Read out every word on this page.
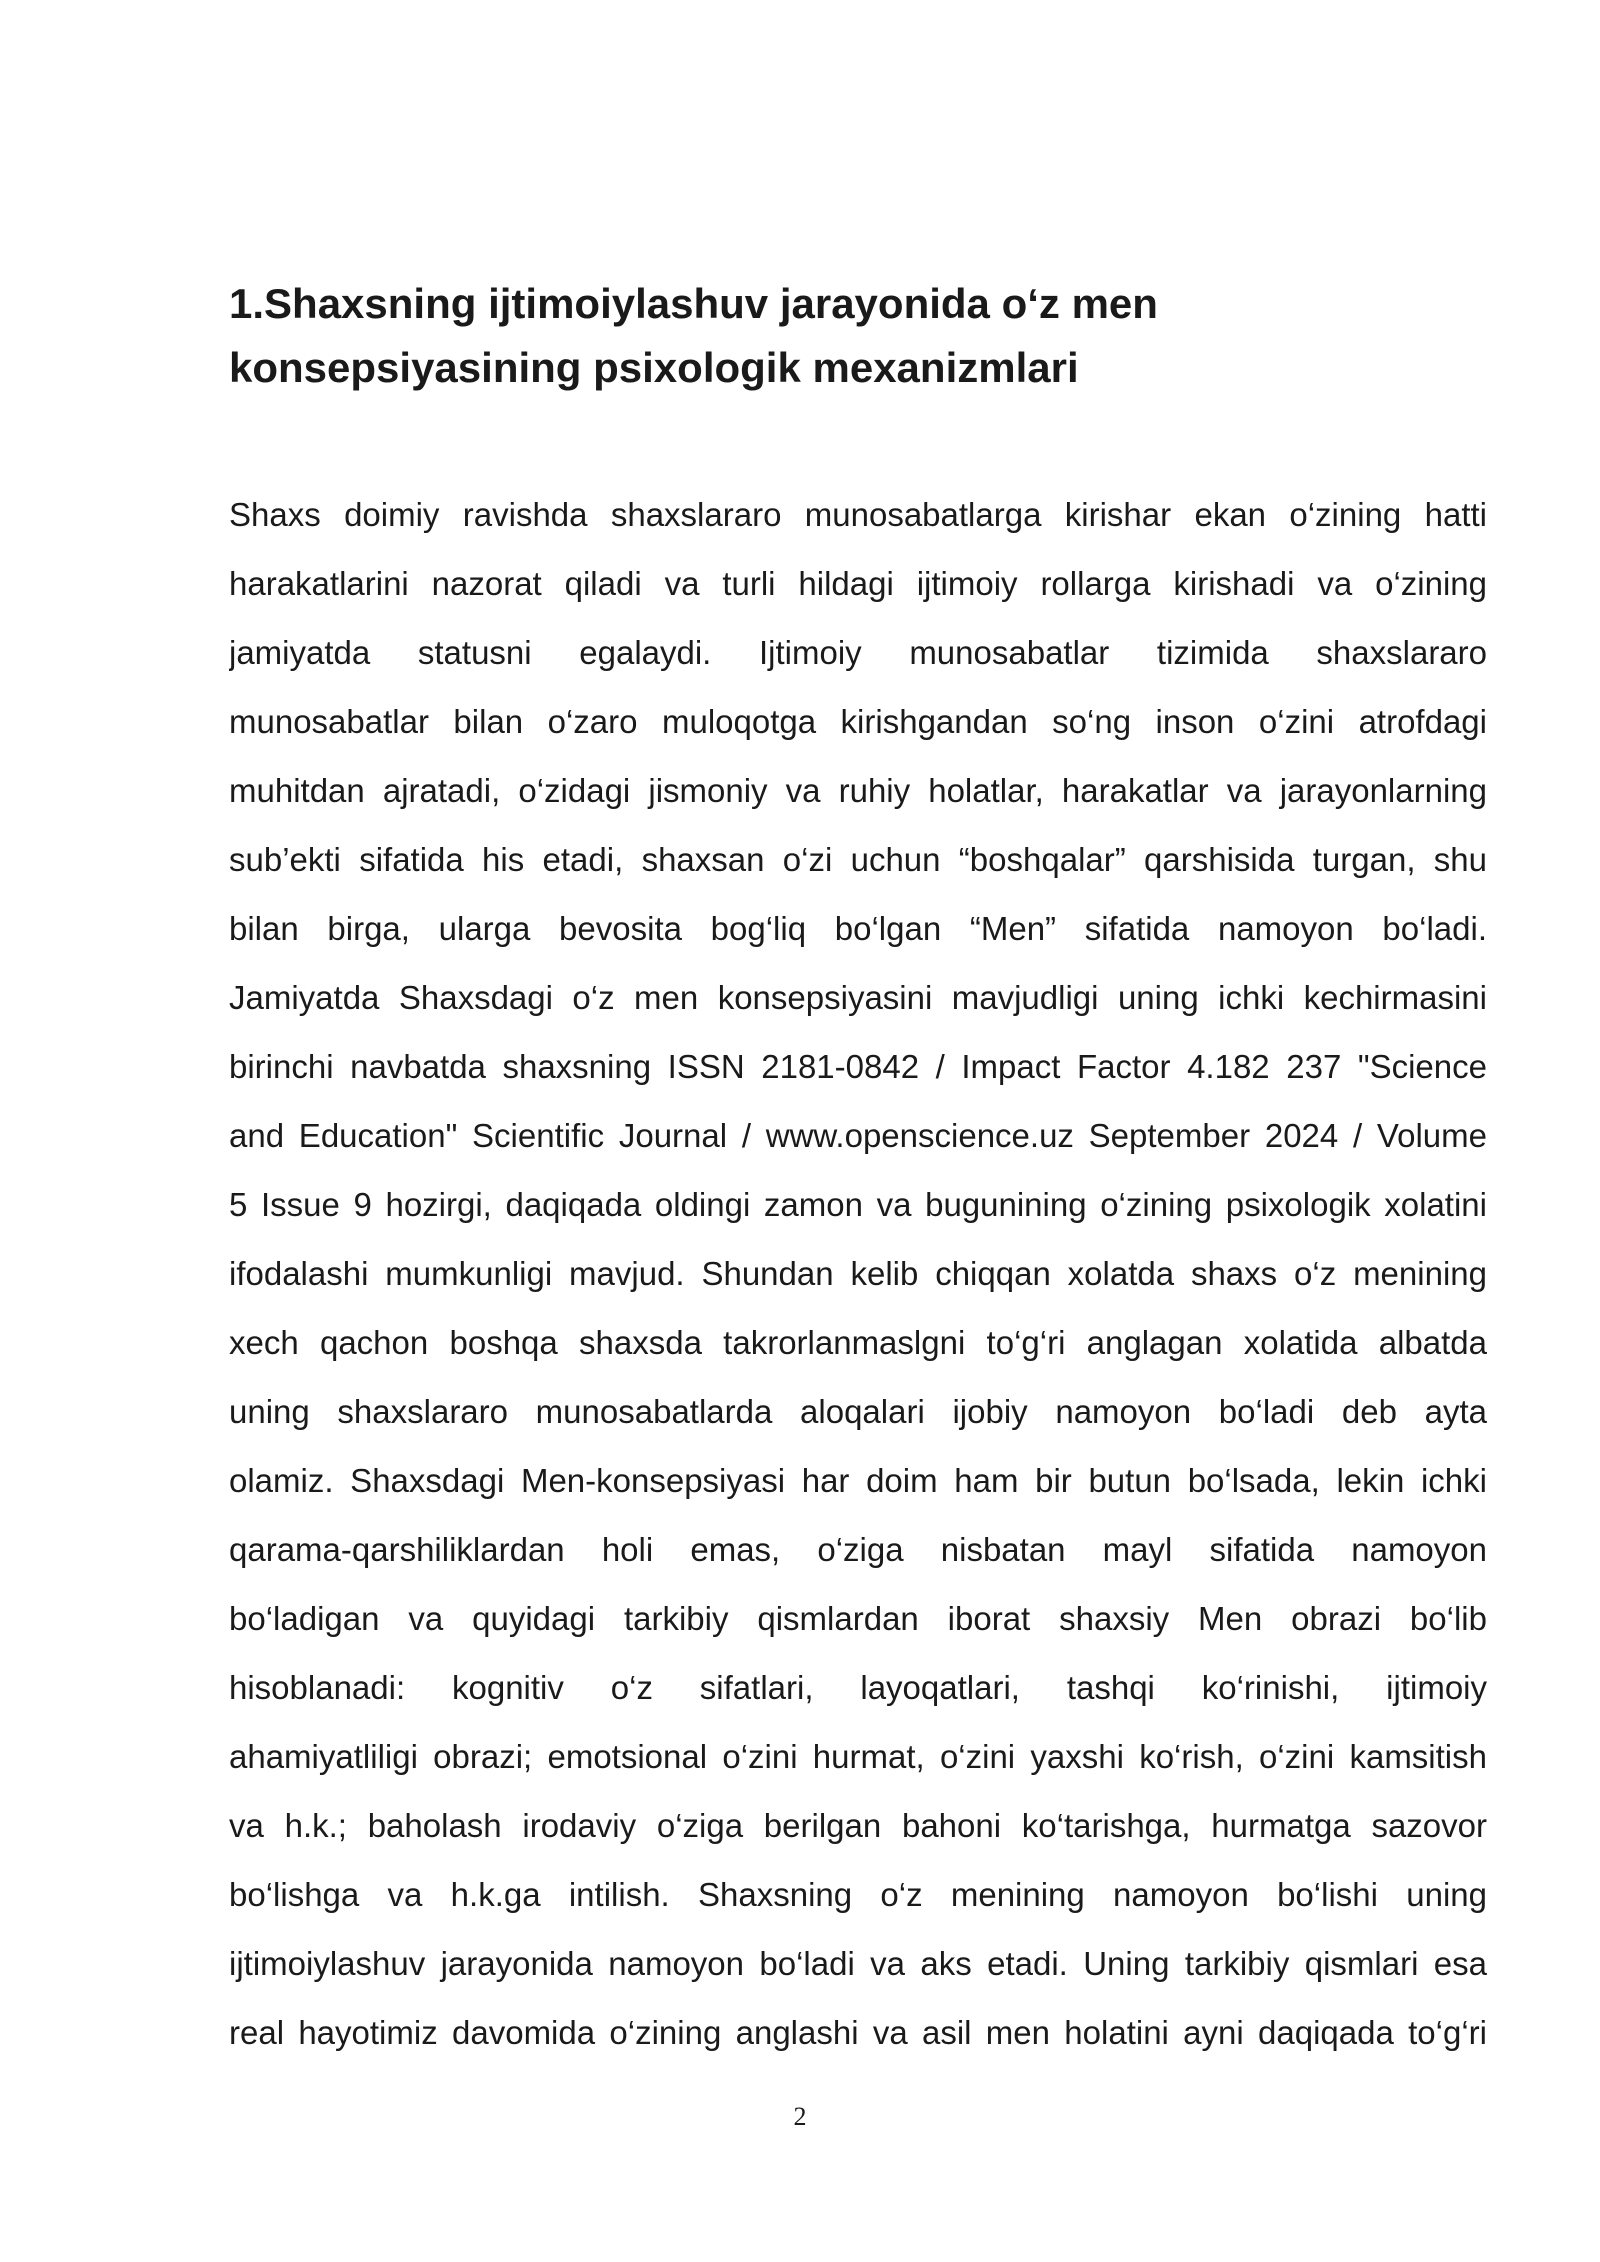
1.Shaxsning ijtimoiylashuv jarayonida o‘z men
konsepsiyasining psixologik mexanizmlari
Shaxs doimiy ravishda shaxslararo munosabatlarga kirishar ekan o‘zining hatti
harakatlarini nazorat qiladi va turli hildagi ijtimoiy rollarga kirishadi va o‘zining
jamiyatda statusni egalaydi. Ijtimoiy munosabatlar tizimida shaxslararo
munosabatlar bilan o‘zaro muloqotga kirishgandan so‘ng inson o‘zini atrofdagi
muhitdan ajratadi, o‘zidagi jismoniy va ruhiy holatlar, harakatlar va jarayonlarning
sub’ekti sifatida his etadi, shaxsan o‘zi uchun “boshqalar” qarshisida turgan, shu
bilan birga, ularga bevosita bog‘liq bo‘lgan “Men” sifatida namoyon bo‘ladi.
Jamiyatda Shaxsdagi o‘z men konsepsiyasini mavjudligi uning ichki kechirmasini
birinchi navbatda shaxsning ISSN 2181-0842 / Impact Factor 4.182 237 "Science
and Education" Scientific Journal / www.openscience.uz September 2024 / Volume
5 Issue 9 hozirgi, daqiqada oldingi zamon va bugunining o‘zining psixologik xolatini
ifodalashi mumkunligi mavjud. Shundan kelib chiqqan xolatda shaxs o‘z menining
xech qachon boshqa shaxsda takrorlanmaslgni to‘g‘ri anglagan xolatida albatda
uning shaxslararo munosabatlarda aloqalari ijobiy namoyon bo‘ladi deb ayta
olamiz. Shaxsdagi Men-konsepsiyasi har doim ham bir butun bo‘lsada, lekin ichki
qarama-qarshiliklardan holi emas, o‘ziga nisbatan mayl sifatida namoyon
bo‘ladigan va quyidagi tarkibiy qismlardan iborat shaxsiy Men obrazi bo‘lib
hisoblanadi: kognitiv o‘z sifatlari, layoqatlari, tashqi ko‘rinishi, ijtimoiy
ahamiyatliligi obrazi; emotsional o‘zini hurmat, o‘zini yaxshi ko‘rish, o‘zini kamsitish
va h.k.; baholash irodaviy o‘ziga berilgan bahoni ko‘tarishga, hurmatga sazovor
bo‘lishga va h.k.ga intilish. Shaxsning o‘z menining namoyon bo‘lishi uning
ijtimoiylashuv jarayonida namoyon bo‘ladi va aks etadi. Uning tarkibiy qismlari esa
real hayotimiz davomida o‘zining anglashi va asil men holatini ayni daqiqada to‘g‘ri
2
